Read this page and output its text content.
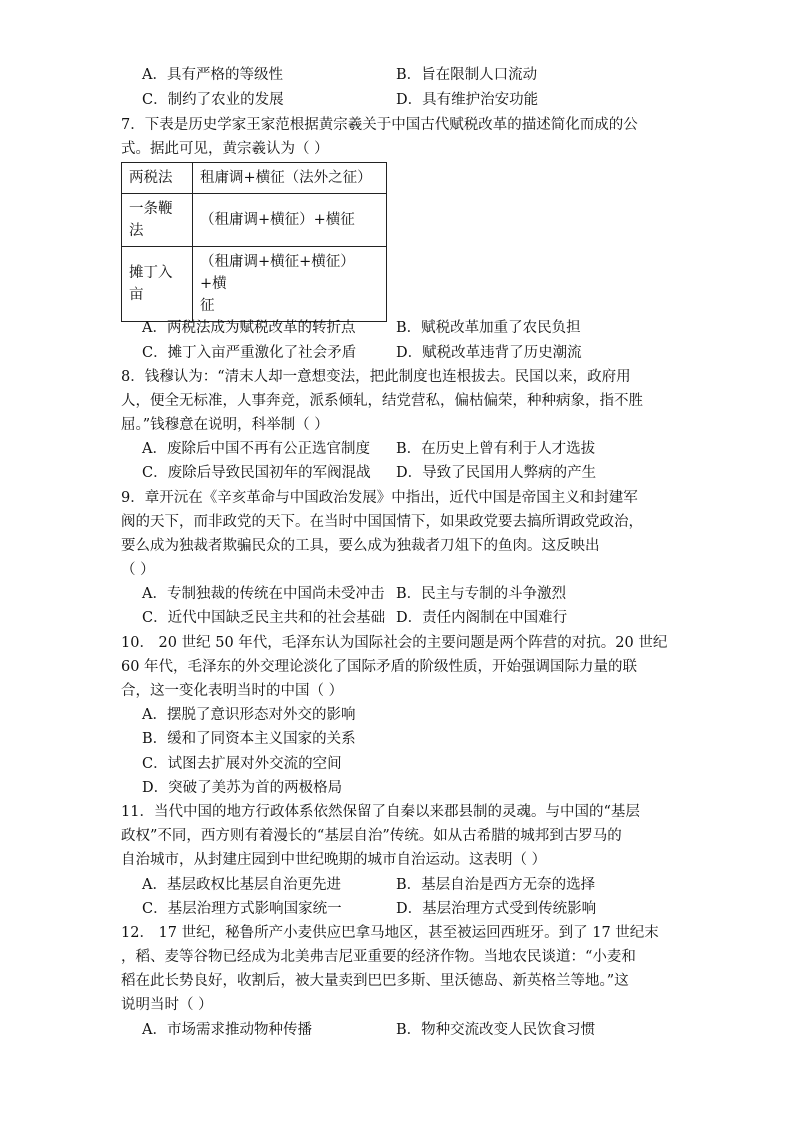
A．具有严格的等级性	B．旨在限制人口流动
C．制约了农业的发展	D．具有维护治安功能
7．下表是历史学家王家范根据黄宗羲关于中国古代赋税改革的描述简化而成的公
式。据此可见，黄宗羲认为（ ）
两税法	租庸调+横征（法外之征）
一条鞭
法	（租庸调+横征）+横征
摊丁入
亩	（租庸调+横征+横征）+横
征
A．两税法成为赋税改革的转折点	B．赋税改革加重了农民负担
C．摊丁入亩严重激化了社会矛盾	D．赋税改革违背了历史潮流
8．钱穆认为：“清末人却一意想变法，把此制度也连根拔去。民国以来，政府用
人，便全无标准，人事奔竞，派系倾轧，结党营私，偏枯偏荣，种种病象，指不胜
屈。”钱穆意在说明，科举制（ ）
A．废除后中国不再有公正选官制度 B．在历史上曾有利于人才选拔
C．废除后导致民国初年的军阀混战 D．导致了民国用人弊病的产生
9．章开沅在《辛亥革命与中国政治发展》中指出，近代中国是帝国主义和封建军
阀的天下，而非政党的天下。在当时中国国情下，如果政党要去搞所谓政党政治，
要么成为独裁者欺骗民众的工具，要么成为独裁者刀俎下的鱼肉。这反映出
（ ）
A．专制独裁的传统在中国尚未受冲击 B．民主与专制的斗争激烈
C．近代中国缺乏民主共和的社会基础 D．责任内阁制在中国难行
10． 20 世纪 50 年代，毛泽东认为国际社会的主要问题是两个阵营的对抗。20 世纪
60 年代，毛泽东的外交理论淡化了国际矛盾的阶级性质，开始强调国际力量的联
合，这一变化表明当时的中国（ ）
A．摆脱了意识形态对外交的影响
B．缓和了同资本主义国家的关系
C．试图去扩展对外交流的空间
D．突破了美苏为首的两极格局
11．当代中国的地方行政体系依然保留了自秦以来郡县制的灵魂。与中国的“基层
政权”不同，西方则有着漫长的“基层自治”传统。如从古希腊的城邦到古罗马的
自治城市，从封建庄园到中世纪晚期的城市自治运动。这表明（ ）
A．基层政权比基层自治更先进	B．基层自治是西方无奈的选择
C．基层治理方式影响国家统一	D．基层治理方式受到传统影响
12． 17 世纪，秘鲁所产小麦供应巴拿马地区，甚至被运回西班牙。到了 17 世纪末
，稻、麦等谷物已经成为北美弗吉尼亚重要的经济作物。当地农民谈道：“小麦和
稻在此长势良好，收割后，被大量卖到巴巴多斯、里沃德岛、新英格兰等地。”这
说明当时（ ）
A．市场需求推动物种传播	B．物种交流改变人民饮食习惯
